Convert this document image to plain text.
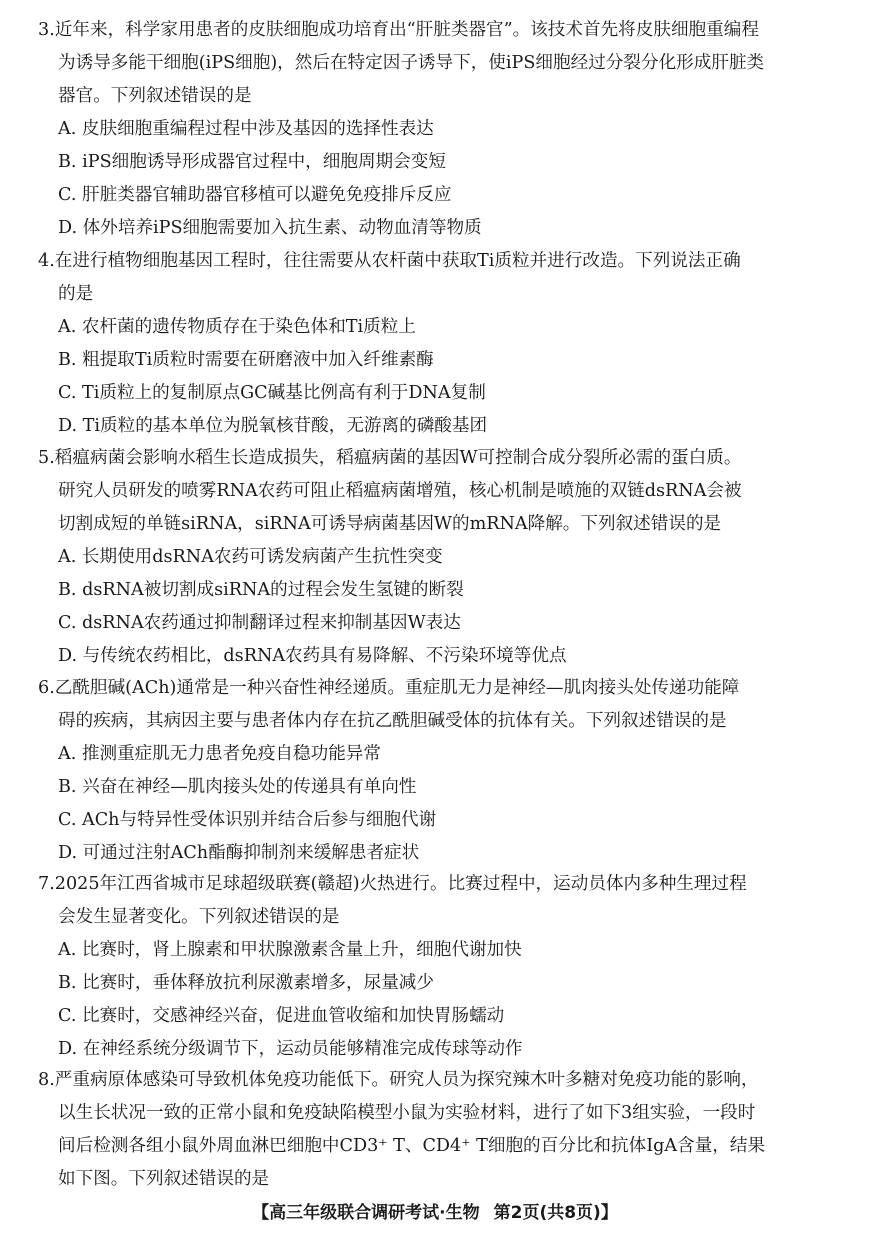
3.近年来，科学家用患者的皮肤细胞成功培育出“肝脏类器官”。该技术首先将皮肤细胞重编程
为诱导多能干细胞(iPS细胞)，然后在特定因子诱导下，使iPS细胞经过分裂分化形成肝脏类
器官。下列叙述错误的是
A. 皮肤细胞重编程过程中涉及基因的选择性表达
B. iPS细胞诱导形成器官过程中，细胞周期会变短
C. 肝脏类器官辅助器官移植可以避免免疫排斥反应
D. 体外培养iPS细胞需要加入抗生素、动物血清等物质
4.在进行植物细胞基因工程时，往往需要从农杆菌中获取Ti质粒并进行改造。下列说法正确
的是
A. 农杆菌的遗传物质存在于染色体和Ti质粒上
B. 粗提取Ti质粒时需要在研磨液中加入纤维素酶
C. Ti质粒上的复制原点GC碱基比例高有利于DNA复制
D. Ti质粒的基本单位为脱氧核苷酸，无游离的磷酸基团
5.稻瘟病菌会影响水稻生长造成损失，稻瘟病菌的基因W可控制合成分裂所必需的蛋白质。
研究人员研发的喷雾RNA农药可阻止稻瘟病菌增殖，核心机制是喷施的双链dsRNA会被
切割成短的单链siRNA，siRNA可诱导病菌基因W的mRNA降解。下列叙述错误的是
A. 长期使用dsRNA农药可诱发病菌产生抗性突变
B. dsRNA被切割成siRNA的过程会发生氢键的断裂
C. dsRNA农药通过抑制翻译过程来抑制基因W表达
D. 与传统农药相比，dsRNA农药具有易降解、不污染环境等优点
6.乙酰胆碱(ACh)通常是一种兴奋性神经递质。重症肌无力是神经—肌肉接头处传递功能障
碍的疾病，其病因主要与患者体内存在抗乙酰胆碱受体的抗体有关。下列叙述错误的是
A. 推测重症肌无力患者免疫自稳功能异常
B. 兴奋在神经—肌肉接头处的传递具有单向性
C. ACh与特异性受体识别并结合后参与细胞代谢
D. 可通过注射ACh酯酶抑制剂来缓解患者症状
7.2025年江西省城市足球超级联赛(赣超)火热进行。比赛过程中，运动员体内多种生理过程
会发生显著变化。下列叙述错误的是
A. 比赛时，肾上腺素和甲状腺激素含量上升，细胞代谢加快
B. 比赛时，垂体释放抗利尿激素增多，尿量减少
C. 比赛时，交感神经兴奋，促进血管收缩和加快胃肠蠕动
D. 在神经系统分级调节下，运动员能够精准完成传球等动作
8.严重病原体感染可导致机体免疫功能低下。研究人员为探究辣木叶多糖对免疫功能的影响，
以生长状况一致的正常小鼠和免疫缺陷模型小鼠为实验材料，进行了如下3组实验，一段时
间后检测各组小鼠外周血淋巴细胞中CD3⁺ T、CD4⁺ T细胞的百分比和抗体IgA含量，结果
如下图。下列叙述错误的是
【高三年级联合调研考试·生物 第2页(共8页)】
